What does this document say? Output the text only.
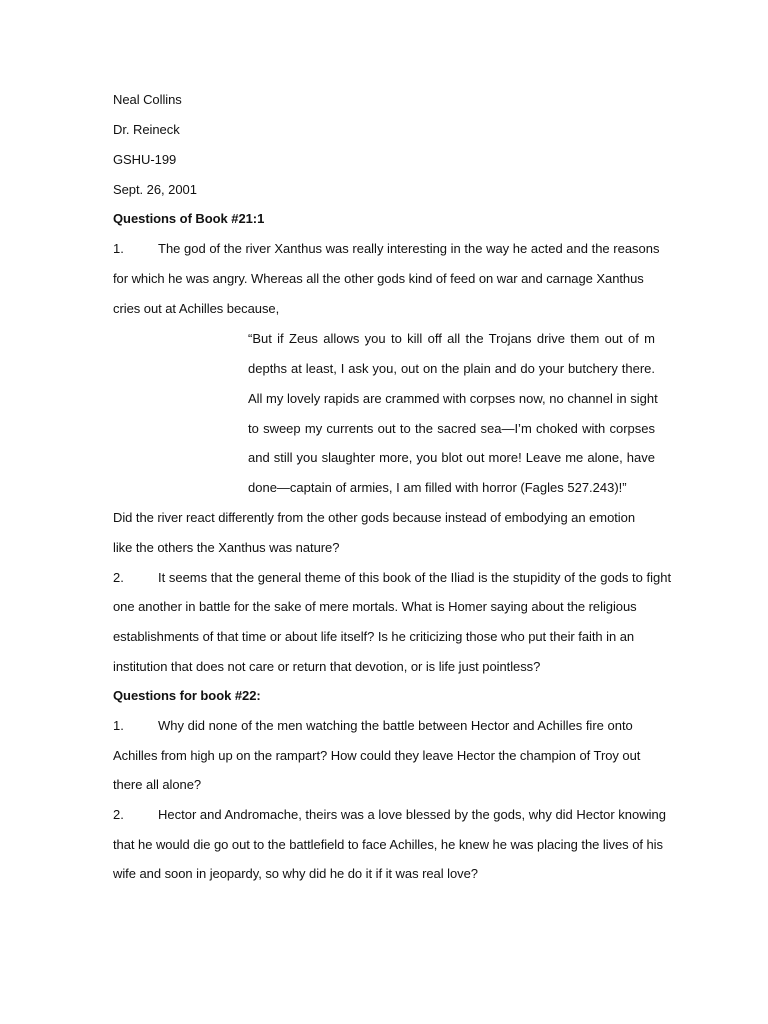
Neal Collins
Dr. Reineck
GSHU-199
Sept. 26, 2001
Questions of Book #21:1
1.	The god of the river Xanthus was really interesting in the way he acted and the reasons
for which he was angry. Whereas all the other gods kind of feed on war and carnage Xanthus
cries out at Achilles because,
“But if Zeus allows you to kill off all the Trojans drive them out of m
depths at least, I ask you, out on the plain and do your butchery there.
All my lovely rapids are crammed with corpses now, no channel in sight
to sweep my currents out to the sacred sea—I’m choked with corpses
and still you slaughter more, you blot out more! Leave me alone, have
done—captain of armies, I am filled with horror (Fagles 527.243)!”
Did the river react differently from the other gods because instead of embodying an emotion
like the others the Xanthus was nature?
2.	It seems that the general theme of this book of the Iliad is the stupidity of the gods to fight
one another in battle for the sake of mere mortals. What is Homer saying about the religious
establishments of that time or about life itself? Is he criticizing those who put their faith in an
institution that does not care or return that devotion, or is life just pointless?
Questions for book #22:
1.	Why did none of the men watching the battle between Hector and Achilles fire onto
Achilles from high up on the rampart? How could they leave Hector the champion of Troy out
there all alone?
2.	Hector and Andromache, theirs was a love blessed by the gods, why did Hector knowing
that he would die go out to the battlefield to face Achilles, he knew he was placing the lives of his
wife and soon in jeopardy, so why did he do it if it was real love?
